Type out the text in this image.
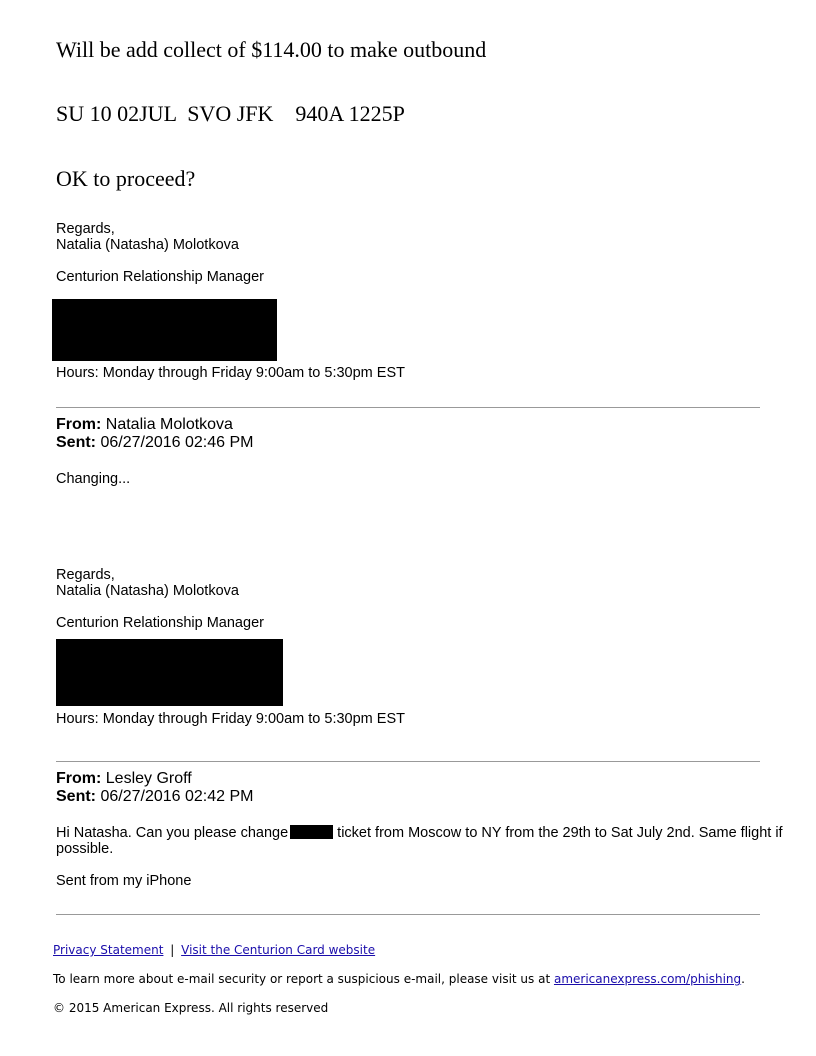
Will be add collect of $114.00 to make outbound
SU 10 02JUL  SVO JFK    940A 1225P
OK to proceed?
Regards,
Natalia (Natasha) Molotkova
Centurion Relationship Manager
Hours: Monday through Friday 9:00am to 5:30pm EST
From: Natalia Molotkova
Sent: 06/27/2016 02:46 PM
Changing...
Regards,
Natalia (Natasha) Molotkova
Centurion Relationship Manager
Hours: Monday through Friday 9:00am to 5:30pm EST
From: Lesley Groff
Sent: 06/27/2016 02:42 PM
Hi Natasha. Can you please change	ticket from Moscow to NY from the 29th to Sat July 2nd. Same flight if
possible.
Sent from my iPhone
Privacy Statement | Visit the Centurion Card website
To learn more about e-mail security or report a suspicious e-mail, please visit us at americanexpress.com/phishing.
© 2015 American Express. All rights reserved
